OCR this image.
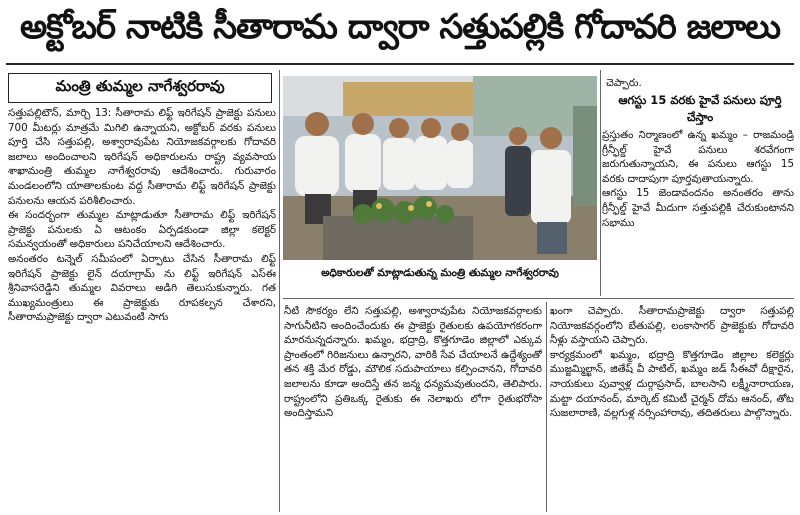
అక్టోబర్ నాటికి సీతారామ ద్వారా సత్తుపల్లికి గోదావరి జలాలు
మంత్రి తుమ్మల నాగేశ్వరరావు

సత్తుపల్లిటౌన్, మార్చి 13: సీతారామ లిఫ్ట్ ఇరిగేషన్ ప్రాజెక్టు పనులు 700 మీటర్లు మాత్రమే మిగిలి ఉన్నాయని, అక్టోబర్ వరకు పనులు పూర్తి చేసి సత్తుపల్లి, అశ్వారావుపేట నియోజకవర్గాలకు గోదావరి జలాలు అందించాలని ఇరిగేషన్ అధికారులను రాష్ట్ర వ్యవసాయ శాఖామంత్రి తుమ్మల నాగేశ్వరరావు ఆదేశించారు. గురువారం మండలంలోని యాతాలకుంట వద్ద సీతారామ లిఫ్ట్ ఇరిగేషన్ ప్రాజెక్టు పనులను ఆయన పరిశీలించారు.

ఈ సందర్భంగా తుమ్మల మాట్లాడుతూ సీతారామ లిఫ్ట్ ఇరిగేషన్ ప్రాజెక్టు పనులకు ఏ ఆటంకం ఏర్పడకుండా జిల్లా కలెక్టర్ సమన్వయంతో అధికారులు పనిచేయాలని ఆదేశించారు.

అనంతరం టన్నెల్ సమీపంలో ఏర్పాటు చేసిన సీతారామ లిఫ్ట్ ఇరిగేషన్ ప్రాజెక్టు లైన్ దయాగ్రామ్ ను లిఫ్ట్ ఇరిగేషన్ ఎస్ఈ శ్రీనివాసరెడ్డిని తుమ్మల వివరాలు అడిగి తెలుసుకున్నారు. గత ముఖ్యమంత్రులు ఈ ప్రాజెక్టుకు రూపకల్పన చేశారని, సీతారామప్రాజెక్టు ద్వారా ఎటువంటి సాగు

అధికారులతో మాట్లాడుతున్న మంత్రి తుమ్మల నాగేశ్వరరావు
చెప్పారు.
ఆగస్టు 15 వరకు హైవే పనులు పూర్తి చేస్తాం

ప్రస్తుతం నిర్మాణంలో ఉన్న ఖమ్మం – రాజమండ్రి గ్రీన్ఫీల్డ్ హైవే పనులు శరవేగంగా జరుగుతున్నాయని, ఈ పనులు ఆగస్టు 15 వరకు దాదాపుగా పూర్తవుతాయన్నారు.

ఆగస్టు 15 జెండావందనం అనంతరం తాను గ్రీన్ఫీల్డ్ హైవే మీదుగా సత్తుపల్లికి చేరుకుంటానని సభాము

నీటి సౌకర్యం లేని సత్తుపల్లి, అశ్వారావుపేట నియోజకవర్గాలకు సాగునీటిని అందించేందుకు ఈ ప్రాజెక్టు రైతులకు ఉపయోగకరంగా మారనున్నదన్నారు. ఖమ్మం, భద్రాద్రి, కొత్తగూడెం జిల్లాలో ఎక్కువ ప్రాంతంలో గిరిజనులు ఉన్నారని, వారికి సేవ చేయాలనే ఉద్దేశ్యంతో తన శక్తి మేర రోడ్డు, మౌలిక సదుపాయాలు కల్పించానని, గోదావరి జలాలను కూడా అందిస్తే తన జన్మ ధన్యమవుతుందని, తెలిపారు. రాష్ట్రంలోని ప్రతిఒక్క రైతుకు ఈ నెలాఖరు లోగా రైతుభరోసా అందిస్తామని

ఖంగా చెప్పారు. సీతారామప్రాజెక్టు ద్వారా సత్తుపల్లి నియోజకవర్గంలోని బేతుపల్లి, లంకాసాగర్ ప్రాజెక్టుకు గోదావరి నీళ్లు వస్తాయని చెప్పారు.

కార్యక్రమంలో ఖమ్మం, భద్రాద్రి కొత్తగూడెం జిల్లాల కలెక్టర్లు ముజ్జమ్మిల్ఖాన్, జితేష్ వీ పాటిల్, ఖమ్మం జడ్ సీఈవో దీక్షారైన, నాయకులు పువ్వాళ్ల దుర్గాప్రసాద్, బాలసాని లక్ష్మీనారాయణ, మట్టా దయానంద్, మార్కెట్ కమిటీ చైర్మన్ దోమ ఆనంద్, తోట సుజలారాణి, వల్లగుళ్ల నర్సింహారావు, తదితరులు పాల్గొన్నారు.
